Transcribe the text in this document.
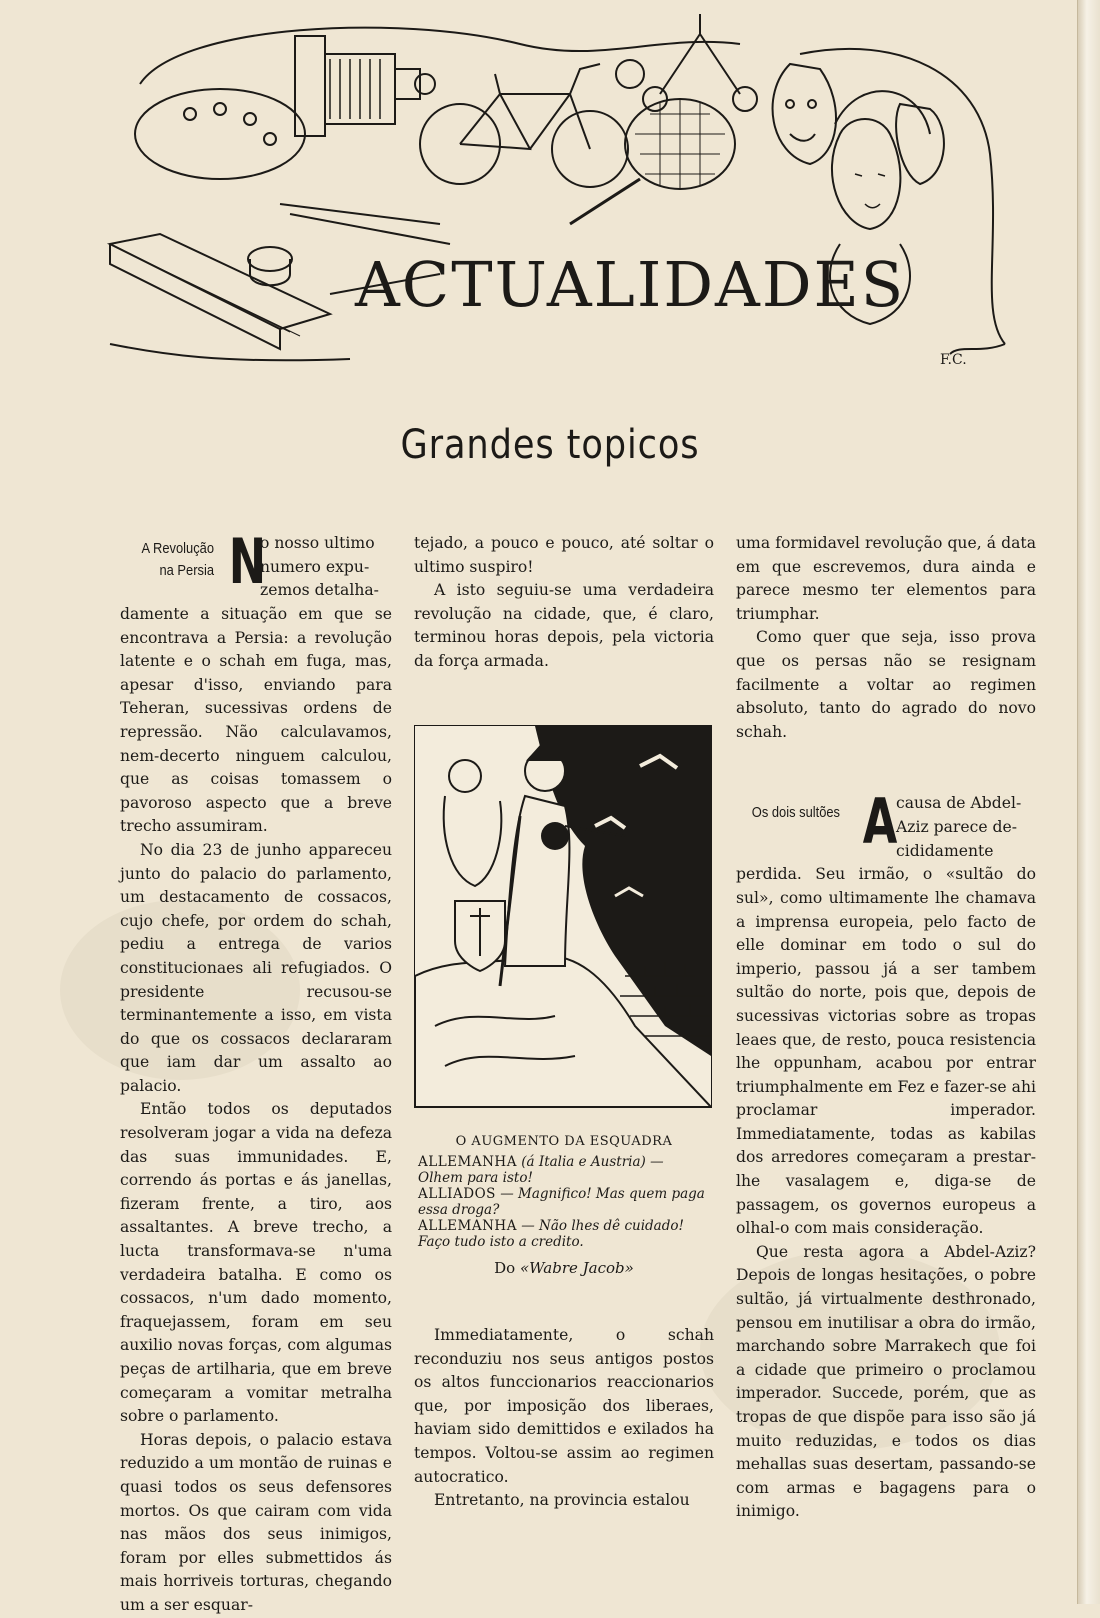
F.C.
ACTUALIDADES
Grandes topicos
A Revolução
na Persia N
o nosso ultimo
numero expu-
zemos detalha-

damente a situação em que se encontrava a Persia: a revolução latente e o schah em fuga, mas, apesar d'isso, enviando para Teheran, sucessivas ordens de repressão. Não calculavamos, nem-decerto ninguem calculou, que as coisas tomassem o pavoroso aspecto que a breve trecho assumiram.

No dia 23 de junho appareceu junto do palacio do parlamento, um destacamento de cossacos, cujo chefe, por ordem do schah, pediu a entrega de varios constitucionaes ali refugiados. O presidente recusou-se terminantemente a isso, em vista do que os cossacos declararam que iam dar um assalto ao palacio.

Então todos os deputados resolveram jogar a vida na defeza das suas immunidades. E, correndo ás portas e ás janellas, fizeram frente, a tiro, aos assaltantes. A breve trecho, a lucta transformava-se n'uma verdadeira batalha. E como os cossacos, n'um dado momento, fraquejassem, foram em seu auxilio novas forças, com algumas peças de artilharia, que em breve começaram a vomitar metralha sobre o parlamento.

Horas depois, o palacio estava reduzido a um montão de ruinas e quasi todos os seus defensores mortos. Os que cairam com vida nas mãos dos seus inimigos, foram por elles submettidos ás mais horriveis torturas, chegando um a ser esquar-

tejado, a pouco e pouco, até soltar o ultimo suspiro!

A isto seguiu-se uma verdadeira revolução na cidade, que, é claro, terminou horas depois, pela victoria da força armada.

O AUGMENTO DA ESQUADRA

ALLEMANHA (á Italia e Austria) — Olhem para isto!

ALLIADOS — Magnifico! Mas quem paga essa droga?

ALLEMANHA — Não lhes dê cuidado! Faço tudo isto a credito.

Do «Wabre Jacob»

Immediatamente, o schah reconduziu nos seus antigos postos os altos funccionarios reaccionarios que, por imposição dos liberaes, haviam sido demittidos e exilados ha tempos. Voltou-se assim ao regimen autocratico.

Entretanto, na provincia estalou

uma formidavel revolução que, á data em que escrevemos, dura ainda e parece mesmo ter elementos para triumphar.

Como quer que seja, isso prova que os persas não se resignam facilmente a voltar ao regimen absoluto, tanto do agrado do novo schah.

Os dois sultões A
causa de Abdel-
Aziz parece de-
cididamente

perdida. Seu irmão, o «sultão do sul», como ultimamente lhe chamava a imprensa europeia, pelo facto de elle dominar em todo o sul do imperio, passou já a ser tambem sultão do norte, pois que, depois de sucessivas victorias sobre as tropas leaes que, de resto, pouca resistencia lhe oppunham, acabou por entrar triumphalmente em Fez e fazer-se ahi proclamar imperador. Immediatamente, todas as kabilas dos arredores começaram a prestar-lhe vasalagem e, diga-se de passagem, os governos europeus a olhal-o com mais consideração.

Que resta agora a Abdel-Aziz? Depois de longas hesitações, o pobre sultão, já virtualmente desthronado, pensou em inutilisar a obra do irmão, marchando sobre Marrakech que foi a cidade que primeiro o proclamou imperador. Succede, porém, que as tropas de que dispõe para isso são já muito reduzidas, e todos os dias mehallas suas desertam, passando-se com armas e bagagens para o inimigo.
